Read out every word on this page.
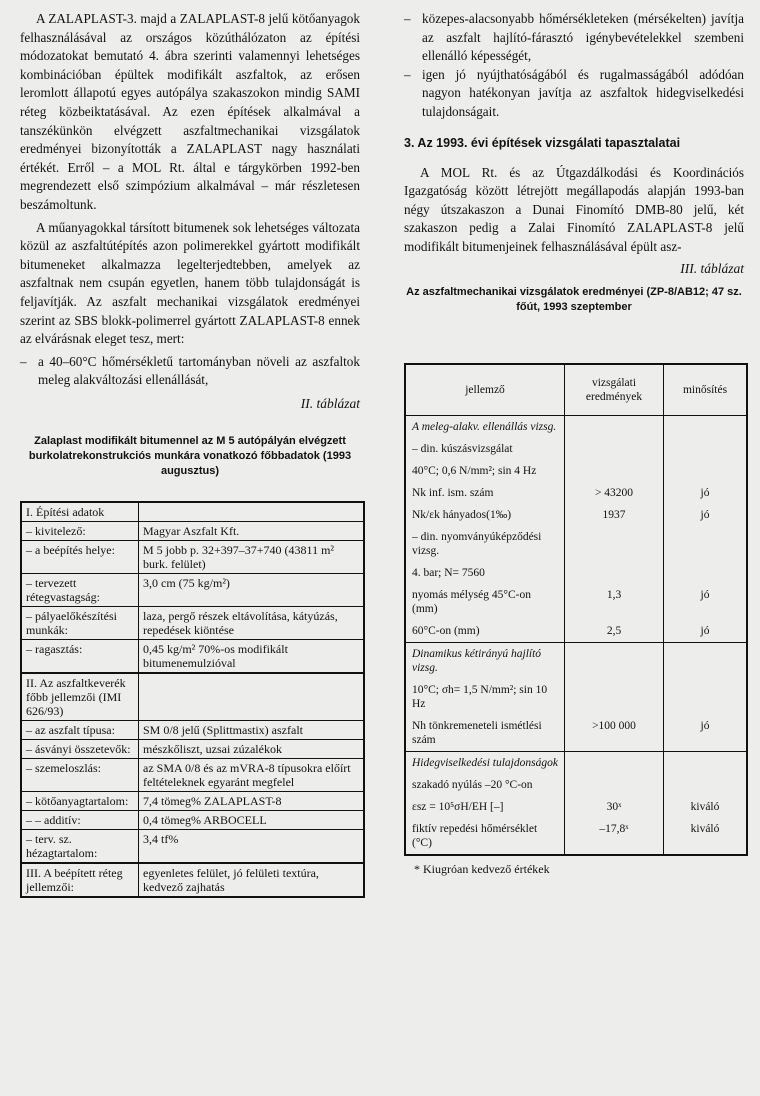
A ZALAPLAST-3. majd a ZALAPLAST-8 jelű kötőanyagok felhasználásával az országos közúthálózaton az építési módozatokat bemutató 4. ábra szerinti valamennyi lehetséges kombinációban épültek modifikált aszfaltok, az erősen leromlott állapotú egyes autópálya szakaszokon mindig SAMI réteg közbeiktatásával. Az ezen építések alkalmával a tanszékünkön elvégzett aszfaltmechanikai vizsgálatok eredményei bizonyították a ZALAPLAST nagy használati értékét. Erről – a MOL Rt. által e tárgykörben 1992-ben megrendezett első szimpózium alkalmával – már részletesen beszámoltunk.

A műanyagokkal társított bitumenek sok lehetséges változata közül az aszfaltútépítés azon polimerekkel gyártott modifikált bitumeneket alkalmazza legelterjedtebben, amelyek az aszfaltnak nem csupán egyetlen, hanem több tulajdonságát is feljavítják. Az aszfalt mechanikai vizsgálatok eredményei szerint az SBS blokk-polimerrel gyártott ZALAPLAST-8 ennek az elvárásnak eleget tesz, mert:

– a 40–60°C hőmérsékletű tartományban növeli az aszfaltok meleg alakváltozási ellenállását,
II. táblázat
Zalaplast modifikált bitumennel az M 5 autópályán elvégzett burkolatrekonstrukciós munkára vonatkozó főbbadatok (1993 augusztus)
I. Építési adatok	
– kivitelező:	Magyar Aszfalt Kft.
– a beépítés helye:	M 5 jobb p. 32+397–37+740 (43811 m² burk. felület)
– tervezett rétegvastagság:	3,0 cm (75 kg/m²)
– pályaelőkészítési munkák:	laza, pergő részek eltávolítása, kátyúzás, repedések kiöntése
– ragasztás:	0,45 kg/m² 70%-os modifikált bitumenemulzióval
II. Az aszfaltkeverék főbb jellemzői (IMI 626/93)	
– az aszfalt típusa:	SM 0/8 jelű (Splittmastix) aszfalt
– ásványi összetevők:	mészkőliszt, uzsai zúzalékok
– szemeloszlás:	az SMA 0/8 és az mVRA-8 típusokra előírt feltételeknek egyaránt megfelel
– kötőanyagtartalom:	7,4 tömeg% ZALAPLAST-8
– – additív:	0,4 tömeg% ARBOCELL
– terv. sz. hézagtartalom:	3,4 tf%
III. A beépített réteg jellemzői:	egyenletes felület, jó felületi textúra, kedvező zajhatás
– közepes-alacsonyabb hőmérsékleteken (mérsékelten) javítja az aszfalt hajlító-fárasztó igénybevételekkel szembeni ellenálló képességét,
– igen jó nyújthatóságából és rugalmasságából adódóan nagyon hatékonyan javítja az aszfaltok hidegviselkedési tulajdonságait.
3. Az 1993. évi építések vizsgálati tapasztalatai

A MOL Rt. és az Útgazdálkodási és Koordinációs Igazgatóság között létrejött megállapodás alapján 1993-ban négy útszakaszon a Dunai Finomító DMB-80 jelű, két szakaszon pedig a Zalai Finomító ZALAPLAST-8 jelű modifikált bitumenjeinek felhasználásával épült asz-

III. táblázat
Az aszfaltmechanikai vizsgálatok eredményei (ZP-8/AB12; 47 sz. főút, 1993 szeptember
jellemző	vizsgálati eredmények	minősítés
A meleg-alakv. ellenállás vizsg.		
– din. kúszásvizsgálat		
40°C; 0,6 N/mm²; sin 4 Hz		
Nk inf. ism. szám	> 43200	jó
Nk/εk hányados(1‰)	1937	jó
– din. nyomványúképződési vizsg.		
4. bar; N= 7560		
nyomás mélység 45°C-on (mm)	1,3	jó
60°C-on (mm)	2,5	jó
Dinamikus kétirányú hajlító vizsg.		
10°C; σh= 1,5 N/mm²; sin 10 Hz		
Nh tönkremeneteli ismétlési szám	>100 000	jó
Hidegviselkedési tulajdonságok		
szakadó nyúlás –20 °C-on		
εsz = 10⁵σH/EH [–]	30ˣ	kiváló
fiktív repedési hőmérséklet (°C)	–17,8ˣ	kiváló
* Kiugróan kedvező értékek
